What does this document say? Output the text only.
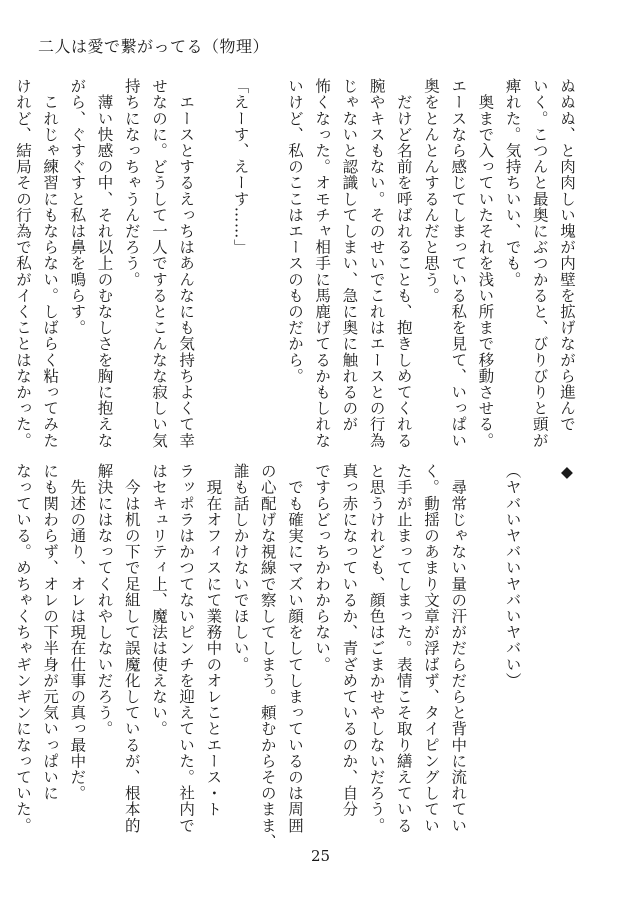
二人は愛で繋がってる（物理）
ぬぬぬ、と肉肉しい塊が内壁を拡げながら進んで
いく。こつんと最奥にぶつかると、びりびりと頭が
痺れた。気持ちいい、でも。
　奥まで入っていたそれを浅い所まで移動させる。
エースなら感じてしまっている私を見て、いっぱい
奥をとんとんするんだと思う。
　だけど名前を呼ばれることも、抱きしめてくれる
腕やキスもない。そのせいでこれはエースとの行為
じゃないと認識してしまい、急に奥に触れるのが
怖くなった。オモチャ相手に馬鹿げてるかもしれな
いけど、私のここはエースのものだから。

「えーす、えーす……」

　エースとするえっちはあんなにも気持ちよくて幸
せなのに。どうして一人でするとこんなな寂しい気
持ちになっちゃうんだろう。
　薄い快感の中、それ以上のむなしさを胸に抱えな
がら、ぐすぐすと私は鼻を鳴らす。
　これじゃ練習にもならない。しばらく粘ってみた
けれど、結局その行為で私がイくことはなかった。
◆

（ヤバいヤバいヤバいヤバい）

　尋常じゃない量の汗がだらだらと背中に流れてい
く。動揺のあまり文章が浮ばず、タイピングしてい
た手が止まってしまった。表情こそ取り繕えている
と思うけれども、顔色はごまかせやしないだろう。
真っ赤になっているか、青ざめているのか、自分
ですらどっちかわからない。
　でも確実にマズい顔をしてしまっているのは周囲
の心配げな視線で察してしまう。頼むからそのまま、
誰も話しかけないでほしい。
　現在オフィスにて業務中のオレことエース・ト
ラッポラはかつてないピンチを迎えていた。社内で
はセキュリティ上、魔法は使えない。
　今は机の下で足組して誤魔化しているが、根本的
解決にはなってくれやしないだろう。
　先述の通り、オレは現在仕事の真っ最中だ。
にも関わらず、オレの下半身が元気いっぱいに
なっている。めちゃくちゃギンギンになっていた。
25
